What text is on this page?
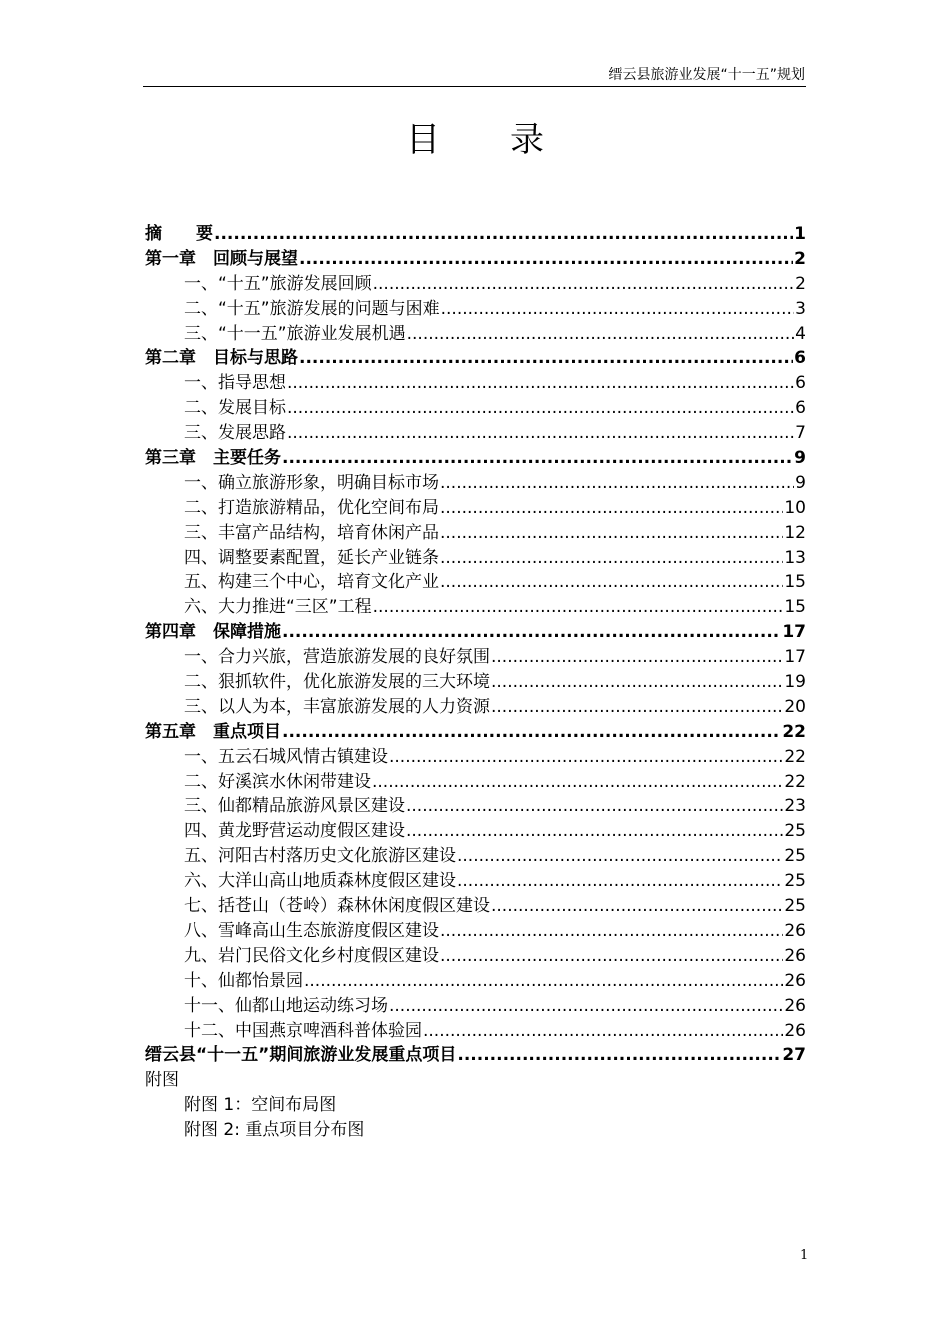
缙云县旅游业发展“十一五”规划
目 录
摘　　要 .....	1
第一章　回顾与展望 .....	2
一、“十五”旅游发展回顾 .....	2
二、“十五”旅游发展的问题与困难 .....	3
三、“十一五”旅游业发展机遇 .....	4
第二章　目标与思路 .....	6
一、指导思想 .....	6
二、发展目标 .....	6
三、发展思路 .....	7
第三章　主要任务 .....	9
一、确立旅游形象，明确目标市场 .....	9
二、打造旅游精品，优化空间布局 .....	10
三、丰富产品结构，培育休闲产品 .....	12
四、调整要素配置，延长产业链条 .....	13
五、构建三个中心，培育文化产业 .....	15
六、大力推进“三区”工程 .....	15
第四章　保障措施 .....	17
一、合力兴旅，营造旅游发展的良好氛围 .....	17
二、狠抓软件，优化旅游发展的三大环境 .....	19
三、以人为本，丰富旅游发展的人力资源 .....	20
第五章　重点项目 .....	22
一、五云石城风情古镇建设 .....	22
二、好溪滨水休闲带建设 .....	22
三、仙都精品旅游风景区建设 .....	23
四、黄龙野营运动度假区建设 .....	25
五、河阳古村落历史文化旅游区建设 .....	25
六、大洋山高山地质森林度假区建设 .....	25
七、括苍山（苍岭）森林休闲度假区建设 .....	25
八、雪峰高山生态旅游度假区建设 .....	26
九、岩门民俗文化乡村度假区建设 .....	26
十、仙都怡景园 .....	26
十一、仙都山地运动练习场 .....	26
十二、中国燕京啤酒科普体验园 .....	26
缙云县“十一五”期间旅游业发展重点项目 .....	27
附图
附图 1：空间布局图
附图 2: 重点项目分布图
1
